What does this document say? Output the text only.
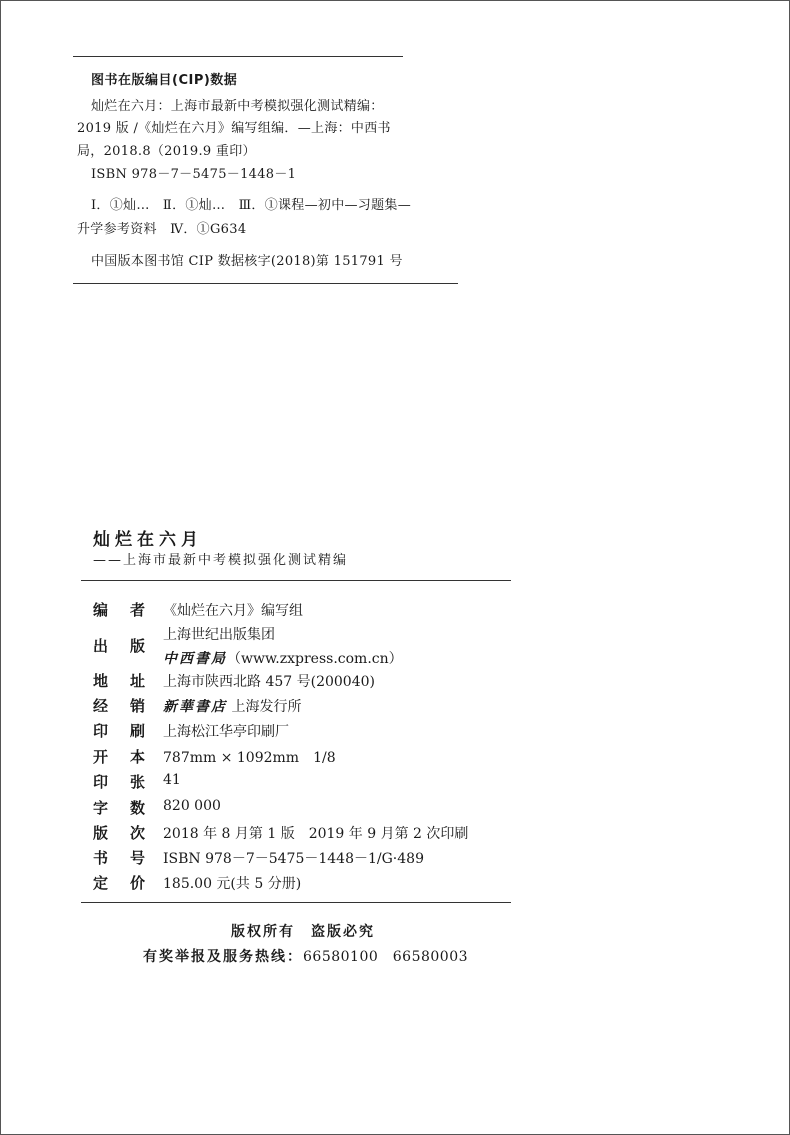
图书在版编目(CIP)数据
灿烂在六月：上海市最新中考模拟强化测试精编：
2019 版 /《灿烂在六月》编写组编．—上海：中西书
局，2018.8（2019.9 重印）
ISBN 978－7－5475－1448－1
Ⅰ．①灿…　Ⅱ．①灿…　Ⅲ．①课程—初中—习题集—
升学参考资料　Ⅳ．①G634
中国版本图书馆 CIP 数据核字(2018)第 151791 号
灿烂在六月
——上海市最新中考模拟强化测试精编
编 者 《灿烂在六月》编写组
出 版
上海世纪出版集团
中西書局（www.zxpress.com.cn）
地 址 上海市陕西北路 457 号(200040)
经 销 新華書店 上海发行所
印 刷 上海松江华亭印刷厂
开 本 787mm × 1092mm　1/8
印 张 41
字 数 820 000
版 次 2018 年 8 月第 1 版　2019 年 9 月第 2 次印刷
书 号 ISBN 978－7－5475－1448－1/G·489
定 价 185.00 元(共 5 分册)
版权所有　盗版必究
有奖举报及服务热线：66580100　66580003
